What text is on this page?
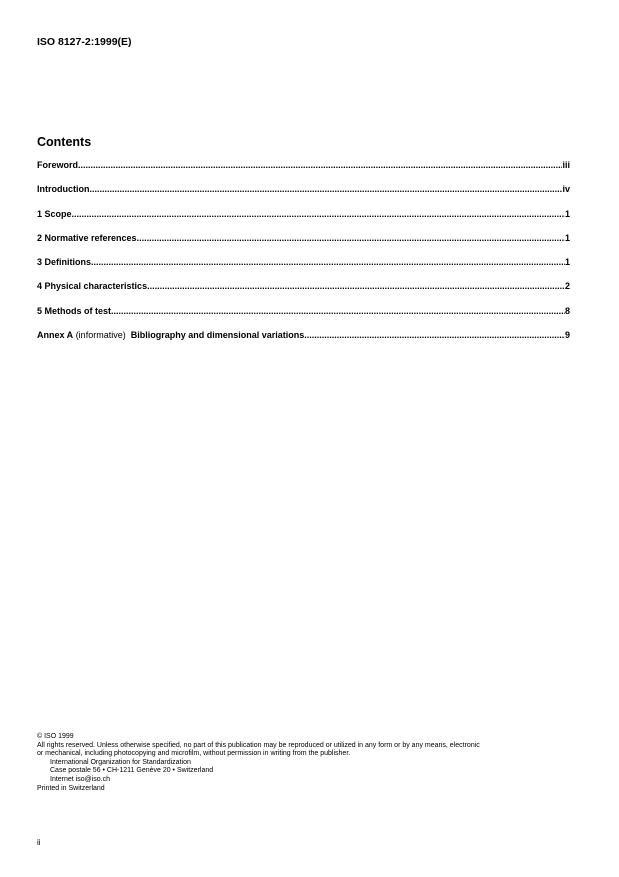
ISO 8127-2:1999(E)
Contents
Foreword .....	iii
Introduction .....	iv
1 Scope .....	1
2 Normative references .....	1
3 Definitions .....	1
4 Physical characteristics .....	2
5 Methods of test .....	8
Annex A (informative) Bibliography and dimensional variations .....	9
© ISO 1999
All rights reserved. Unless otherwise specified, no part of this publication may be reproduced or utilized in any form or by any means, electronic
or mechanical, including photocopying and microfilm, without permission in writing from the publisher.
International Organization for Standardization
Case postale 56 • CH-1211 Genève 20 • Switzerland
Internet iso@iso.ch
Printed in Switzerland
ii
